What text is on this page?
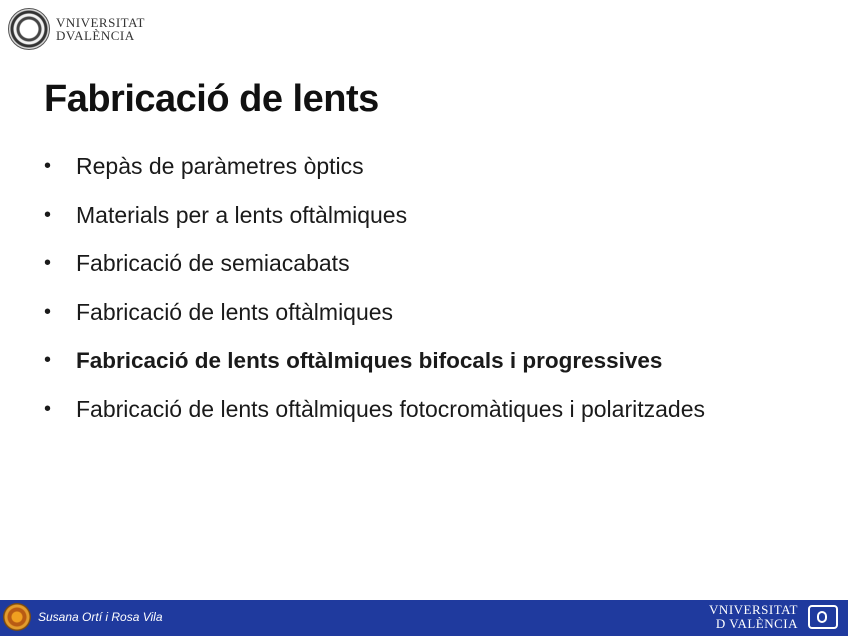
VNIVERSITAT
DVALÈNCIA
Fabricació de lents
• Repàs de paràmetres òptics
• Materials per a lents oftàlmiques
• Fabricació de semiacabats
• Fabricació de lents oftàlmiques
• Fabricació de lents oftàlmiques bifocals i progressives
• Fabricació de lents oftàlmiques fotocromàtiques i polaritzades
Susana Ortí i Rosa Vila	VNIVERSITAT
D VALÈNCIA
